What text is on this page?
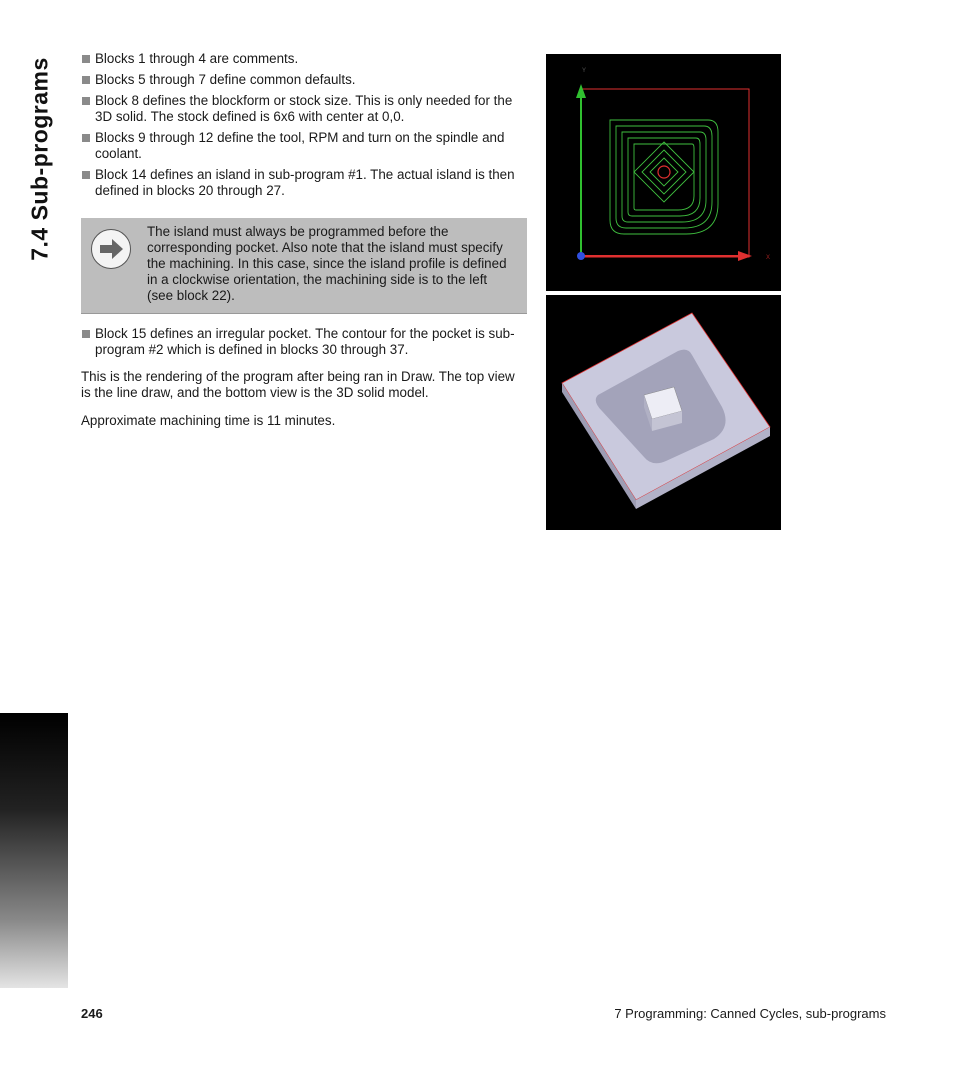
7.4 Sub-programs	Blocks 1 through 4 are comments.
Blocks 5 through 7 define common defaults.
Block 8 defines the blockform or stock size. This is only needed for the 3D solid. The stock defined is 6x6 with center at 0,0.
Blocks 9 through 12 define the tool, RPM and turn on the spindle and coolant.
Block 14 defines an island in sub-program #1. The actual island is then defined in blocks 20 through 27.
The island must always be programmed before the corresponding pocket. Also note that the island must specify the machining. In this case, since the island profile is defined in a clockwise orientation, the machining side is to the left (see block 22).
Block 15 defines an irregular pocket. The contour for the pocket is sub-program #2 which is defined in blocks 30 through 37.

This is the rendering of the program after being ran in Draw. The top view is the line draw, and the bottom view is the 3D solid model.

Approximate machining time is 11 minutes.

Y
X
246	7 Programming: Canned Cycles, sub-programs
